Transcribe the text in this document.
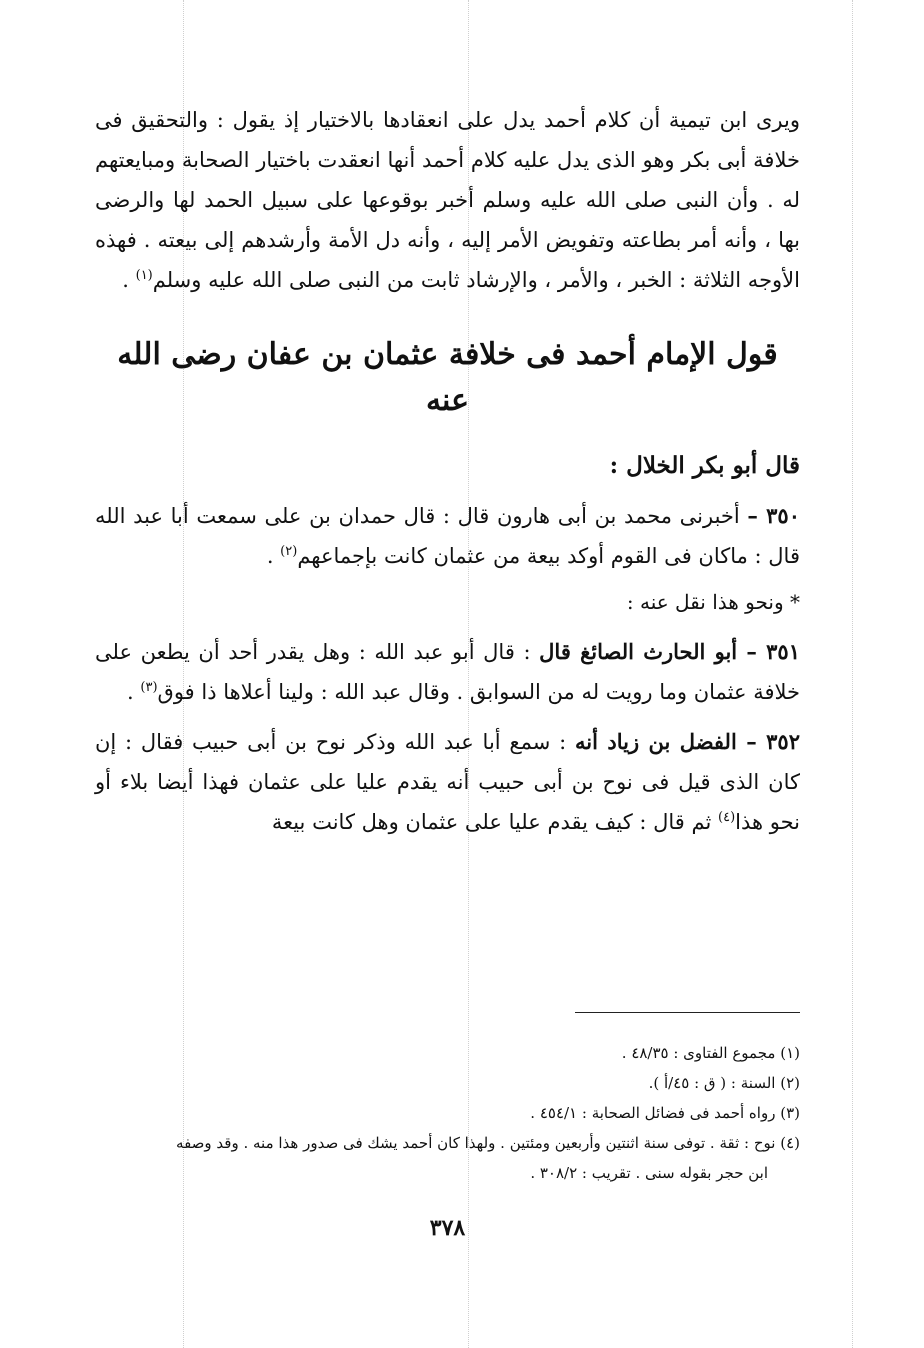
ويرى ابن تيمية أن كلام أحمد يدل على انعقادها بالاختيار إذ يقول : والتحقيق فى خلافة أبى بكر وهو الذى يدل عليه كلام أحمد أنها انعقدت باختيار الصحابة ومبايعتهم له . وأن النبى صلى الله عليه وسلم أخبر بوقوعها على سبيل الحمد لها والرضى بها ، وأنه أمر بطاعته وتفويض الأمر إليه ، وأنه دل الأمة وأرشدهم إلى بيعته . فهذه الأوجه الثلاثة : الخبر ، والأمر ، والإرشاد ثابت من النبى صلى الله عليه وسلم$^{(١)}$ .

قول الإمام أحمد فى خلافة عثمان بن عفان رضى الله عنه
قال أبو بكر الخلال :

٣٥٠ – أخبرنى محمد بن أبى هارون قال : قال حمدان بن على سمعت أبا عبد الله قال : ماكان فى القوم أوكد بيعة من عثمان كانت بإجماعهم$^{(٢)}$ .

* ونحو هذا نقل عنه :

٣٥١ – أبو الحارث الصائغ قال : قال أبو عبد الله : وهل يقدر أحد أن يطعن على خلافة عثمان وما رويت له من السوابق . وقال عبد الله : ولينا أعلاها ذا فوق$^{(٣)}$ .

٣٥٢ – الفضل بن زياد أنه : سمع أبا عبد الله وذكر نوح بن أبى حبيب فقال : إن كان الذى قيل فى نوح بن أبى حبيب أنه يقدم عليا على عثمان فهذا أيضا بلاء أو نحو هذا$^{(٤)}$ ثم قال : كيف يقدم عليا على عثمان وهل كانت بيعة

(١) مجموع الفتاوى : ٤٨/٣٥ .

(٢) السنة : ( ق : ٤٥/أ ).

(٣) رواه أحمد فى فضائل الصحابة : ٤٥٤/١ .

(٤) نوح : ثقة . توفى سنة اثنتين وأربعين ومئتين . ولهذا كان أحمد يشك فى صدور هذا منه . وقد وصفه

ابن حجر بقوله سنى . تقريب : ٣٠٨/٢ .

٣٧٨
